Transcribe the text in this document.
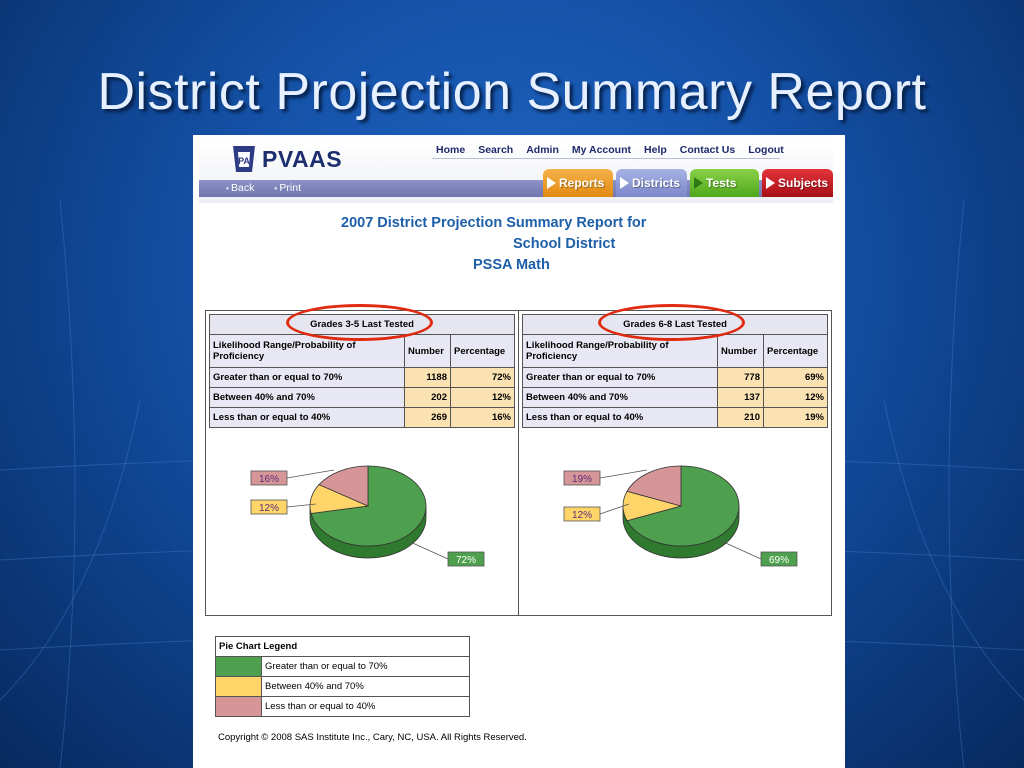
District Projection Summary Report
PA PVAAS	Home Search Admin My Account Help Contact Us Logout
• Back	• Print	Reports Districts Tests	Subjects
2007 District Projection Summary Report for
School District
PSSA Math
Grades 3-5 Last Tested		
Likelihood Range/Probability of Proficiency	Number	Percentage
Greater than or equal to 70%	1188	72%
Between 40% and 70%	202	12%
Less than or equal to 40%	269	16%
Grades 6-8 Last Tested		
Likelihood Range/Probability of Proficiency	Number	Percentage
Greater than or equal to 70%	778	69%
Between 40% and 70%	137	12%
Less than or equal to 40%	210	19%
72%
12%
16%
69%
12%
19%
Pie Chart Legend	
	Greater than or equal to 70%
	Between 40% and 70%
	Less than or equal to 40%
Copyright © 2008 SAS Institute Inc., Cary, NC, USA. All Rights Reserved.
